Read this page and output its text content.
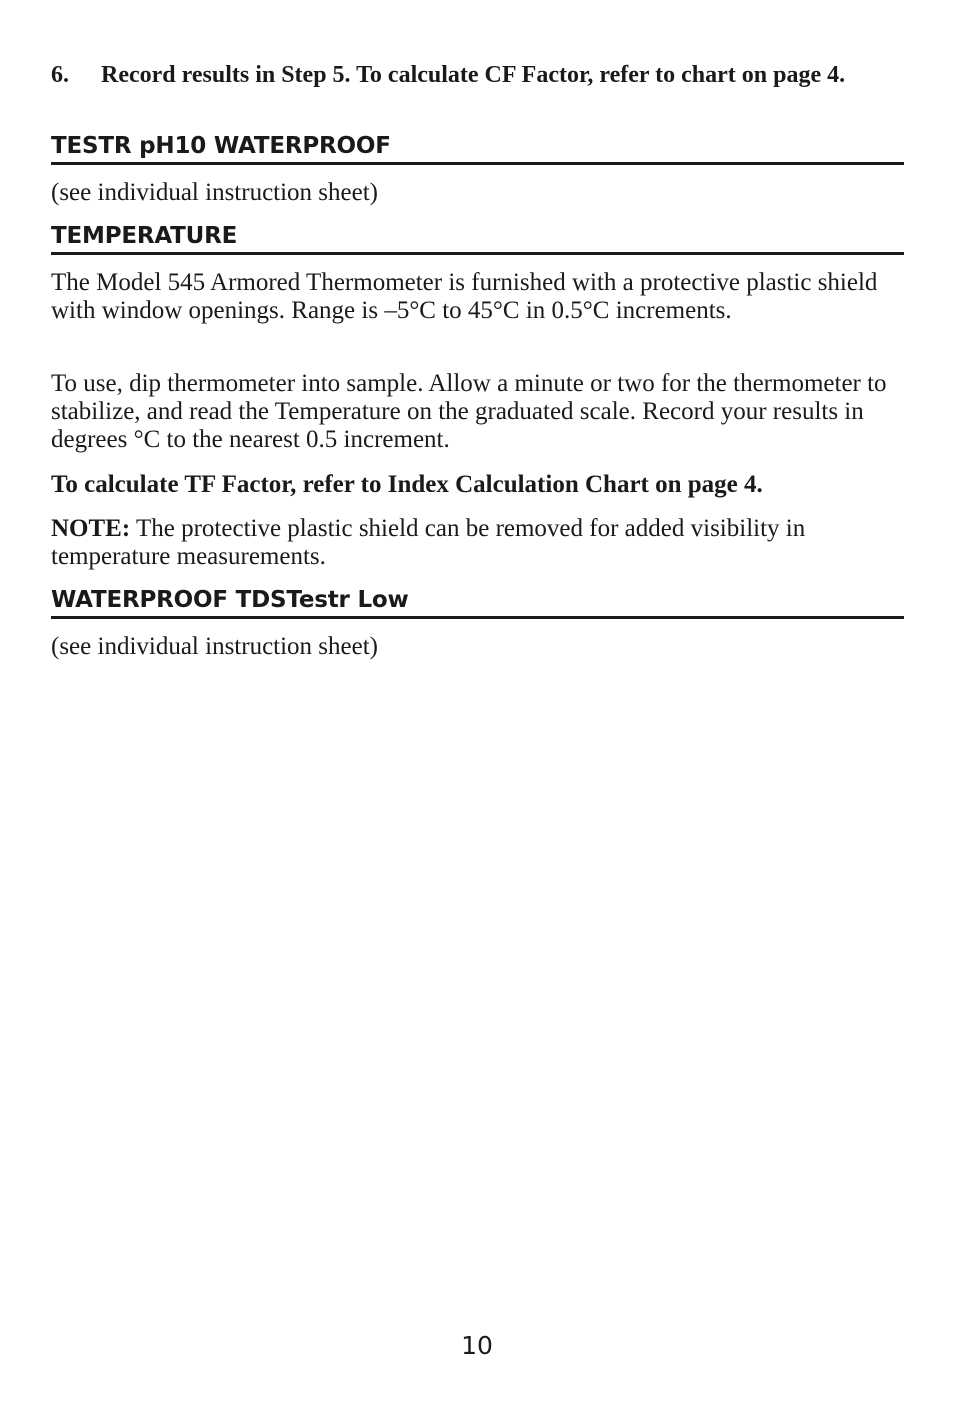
6. Record results in Step 5. To calculate CF Factor, refer to chart on page 4.
TESTR pH10 WATERPROOF
(see individual instruction sheet)
TEMPERATURE
The Model 545 Armored Thermometer is furnished with a protective plastic shield with window openings. Range is –5°C to 45°C in 0.5°C increments.
To use, dip thermometer into sample. Allow a minute or two for the thermometer to stabilize, and read the Temperature on the graduated scale. Record your results in degrees °C to the nearest 0.5 increment.
To calculate TF Factor, refer to Index Calculation Chart on page 4.
NOTE: The protective plastic shield can be removed for added visibility in temperature measurements.
WATERPROOF TDSTestr Low
(see individual instruction sheet)
10
